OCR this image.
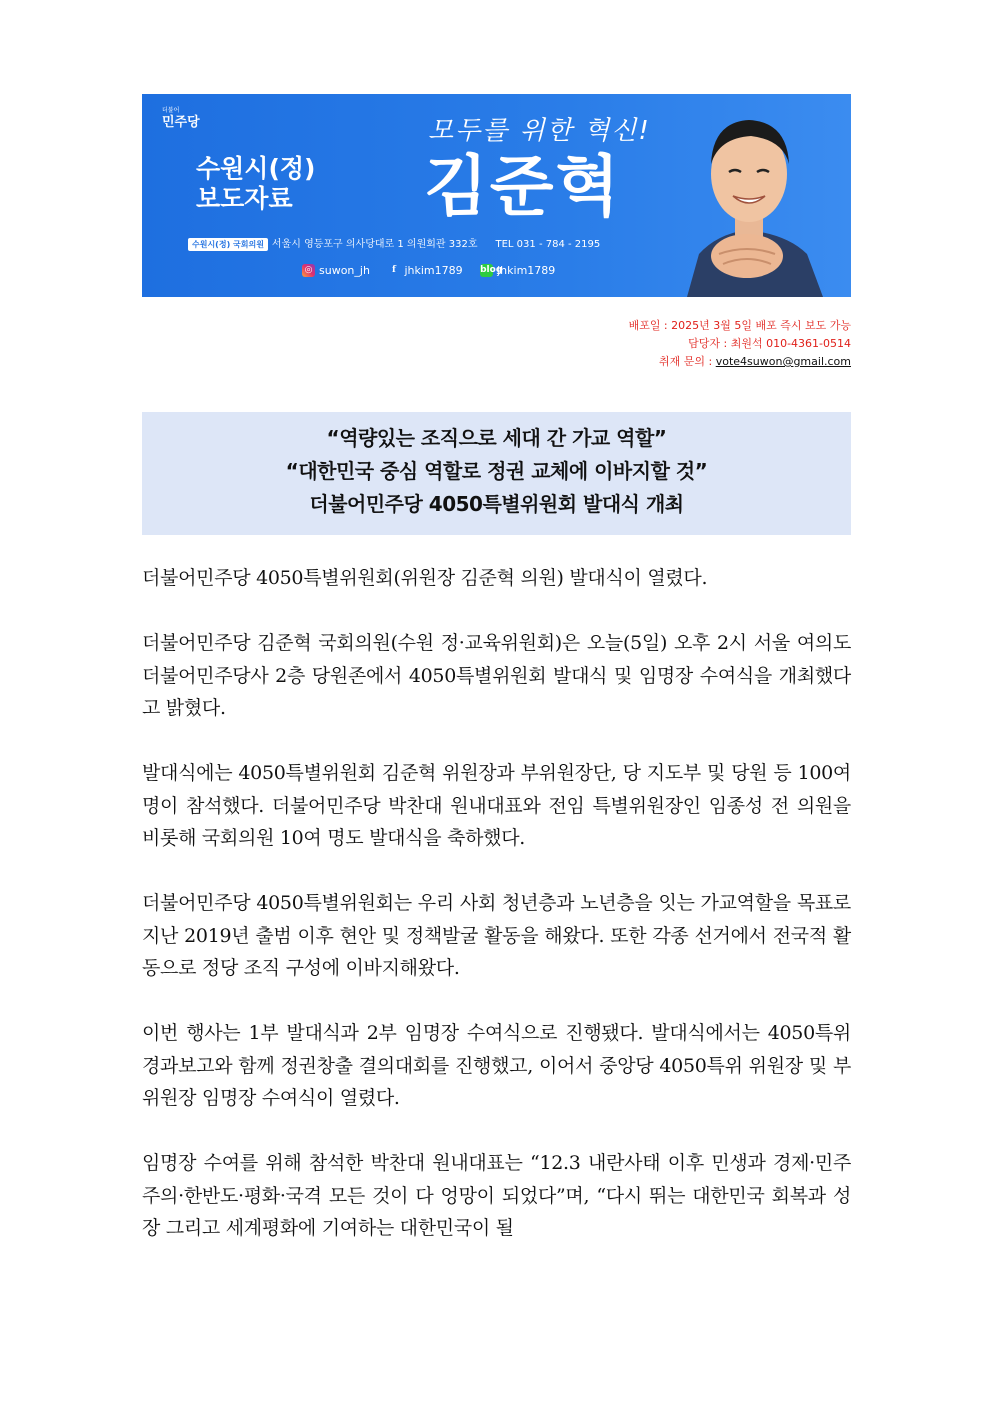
더불어
민주당
수원시(정)
보도자료
모두를 위한 혁신!
김준혁
수원시(정) 국회의원 서울시 영등포구 의사당대로 1 의원회관 332호 TEL 031 - 784 - 2195
◎ suwon_jh
	f jhkim1789
blog
jhkim1789
배포일 : 2025년 3월 5일 배포 즉시 보도 가능
담당자 : 최원석 010-4361-0514
취재 문의 : vote4suwon@gmail.com
“역량있는 조직으로 세대 간 가교 역할”
“대한민국 중심 역할로 정권 교체에 이바지할 것”
더불어민주당 4050특별위원회 발대식 개최

더불어민주당 4050특별위원회(위원장 김준혁 의원) 발대식이 열렸다.

더불어민주당 김준혁 국회의원(수원 정·교육위원회)은 오늘(5일) 오후 2시 서울 여의도 더불어민주당사 2층 당원존에서 4050특별위원회 발대식 및 임명장 수여식을 개최했다고 밝혔다.

발대식에는 4050특별위원회 김준혁 위원장과 부위원장단, 당 지도부 및 당원 등 100여 명이 참석했다. 더불어민주당 박찬대 원내대표와 전임 특별위원장인 임종성 전 의원을 비롯해 국회의원 10여 명도 발대식을 축하했다.

더불어민주당 4050특별위원회는 우리 사회 청년층과 노년층을 잇는 가교역할을 목표로 지난 2019년 출범 이후 현안 및 정책발굴 활동을 해왔다. 또한 각종 선거에서 전국적 활동으로 정당 조직 구성에 이바지해왔다.

이번 행사는 1부 발대식과 2부 임명장 수여식으로 진행됐다. 발대식에서는 4050특위 경과보고와 함께 정권창출 결의대회를 진행했고, 이어서 중앙당 4050특위 위원장 및 부위원장 임명장 수여식이 열렸다.

임명장 수여를 위해 참석한 박찬대 원내대표는 “12.3 내란사태 이후 민생과 경제·민주주의·한반도·평화·국격 모든 것이 다 엉망이 되었다”며, “다시 뛰는 대한민국 회복과 성장 그리고 세계평화에 기여하는 대한민국이 될
